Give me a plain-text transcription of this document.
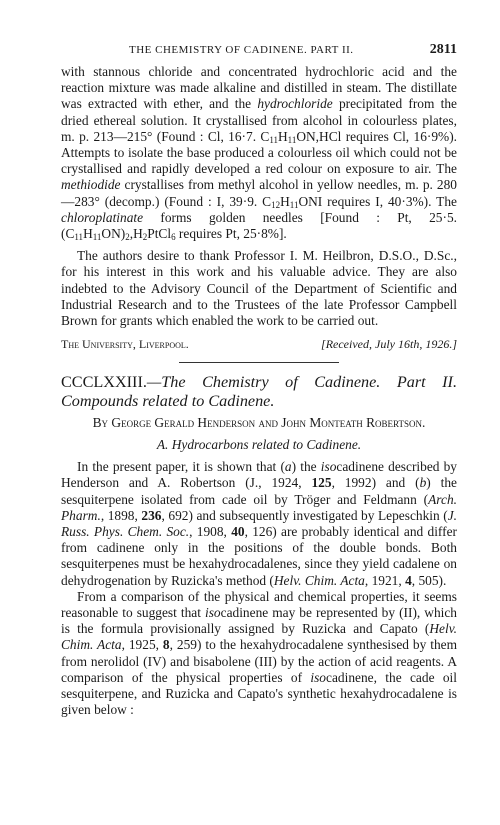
THE CHEMISTRY OF CADINENE. PART II.	2811

with stannous chloride and concentrated hydrochloric acid and the reaction mixture was made alkaline and distilled in steam. The distillate was extracted with ether, and the hydrochloride precipitated from the dried ethereal solution. It crystallised from alcohol in colourless plates, m. p. 213—215° (Found : Cl, 16·7. $C_{11}H_{11}ON,HCl$ requires Cl, 16·9%). Attempts to isolate the base produced a colourless oil which could not be crystallised and rapidly developed a red colour on exposure to air. The methiodide crystallises from methyl alcohol in yellow needles, m. p. 280—283° (decomp.) (Found : I, 39·9. $C_{12}H_{11}ONI$ requires I, 40·3%). The chloroplatinate forms golden needles [Found : Pt, 25·5. $(C_{11}H_{11}ON)_2,H_2PtCl_6$ requires Pt, 25·8%].

The authors desire to thank Professor I. M. Heilbron, D.S.O., D.Sc., for his interest in this work and his valuable advice. They are also indebted to the Advisory Council of the Department of Scientific and Industrial Research and to the Trustees of the late Professor Campbell Brown for grants which enabled the work to be carried out.

The University, Liverpool.	[Received, July 16th, 1926.]

CCCLXXIII.—The Chemistry of Cadinene. Part II. Compounds related to Cadinene.

By George Gerald Henderson and John Monteath Robertson.
A. Hydrocarbons related to Cadinene.

In the present paper, it is shown that (a) the isocadinene described by Henderson and A. Robertson (J., 1924, 125, 1992) and (b) the sesquiterpene isolated from cade oil by Tröger and Feldmann (Arch. Pharm., 1898, 236, 692) and subsequently investigated by Lepeschkin (J. Russ. Phys. Chem. Soc., 1908, 40, 126) are probably identical and differ from cadinene only in the positions of the double bonds. Both sesquiterpenes must be hexahydrocadalenes, since they yield cadalene on dehydrogenation by Ruzicka's method (Helv. Chim. Acta, 1921, 4, 505).

From a comparison of the physical and chemical properties, it seems reasonable to suggest that isocadinene may be represented by (II), which is the formula provisionally assigned by Ruzicka and Capato (Helv. Chim. Acta, 1925, 8, 259) to the hexahydrocadalene synthesised by them from nerolidol (IV) and bisabolene (III) by the action of acid reagents. A comparison of the physical properties of isocadinene, the cade oil sesquiterpene, and Ruzicka and Capato's synthetic hexahydrocadalene is given below :
